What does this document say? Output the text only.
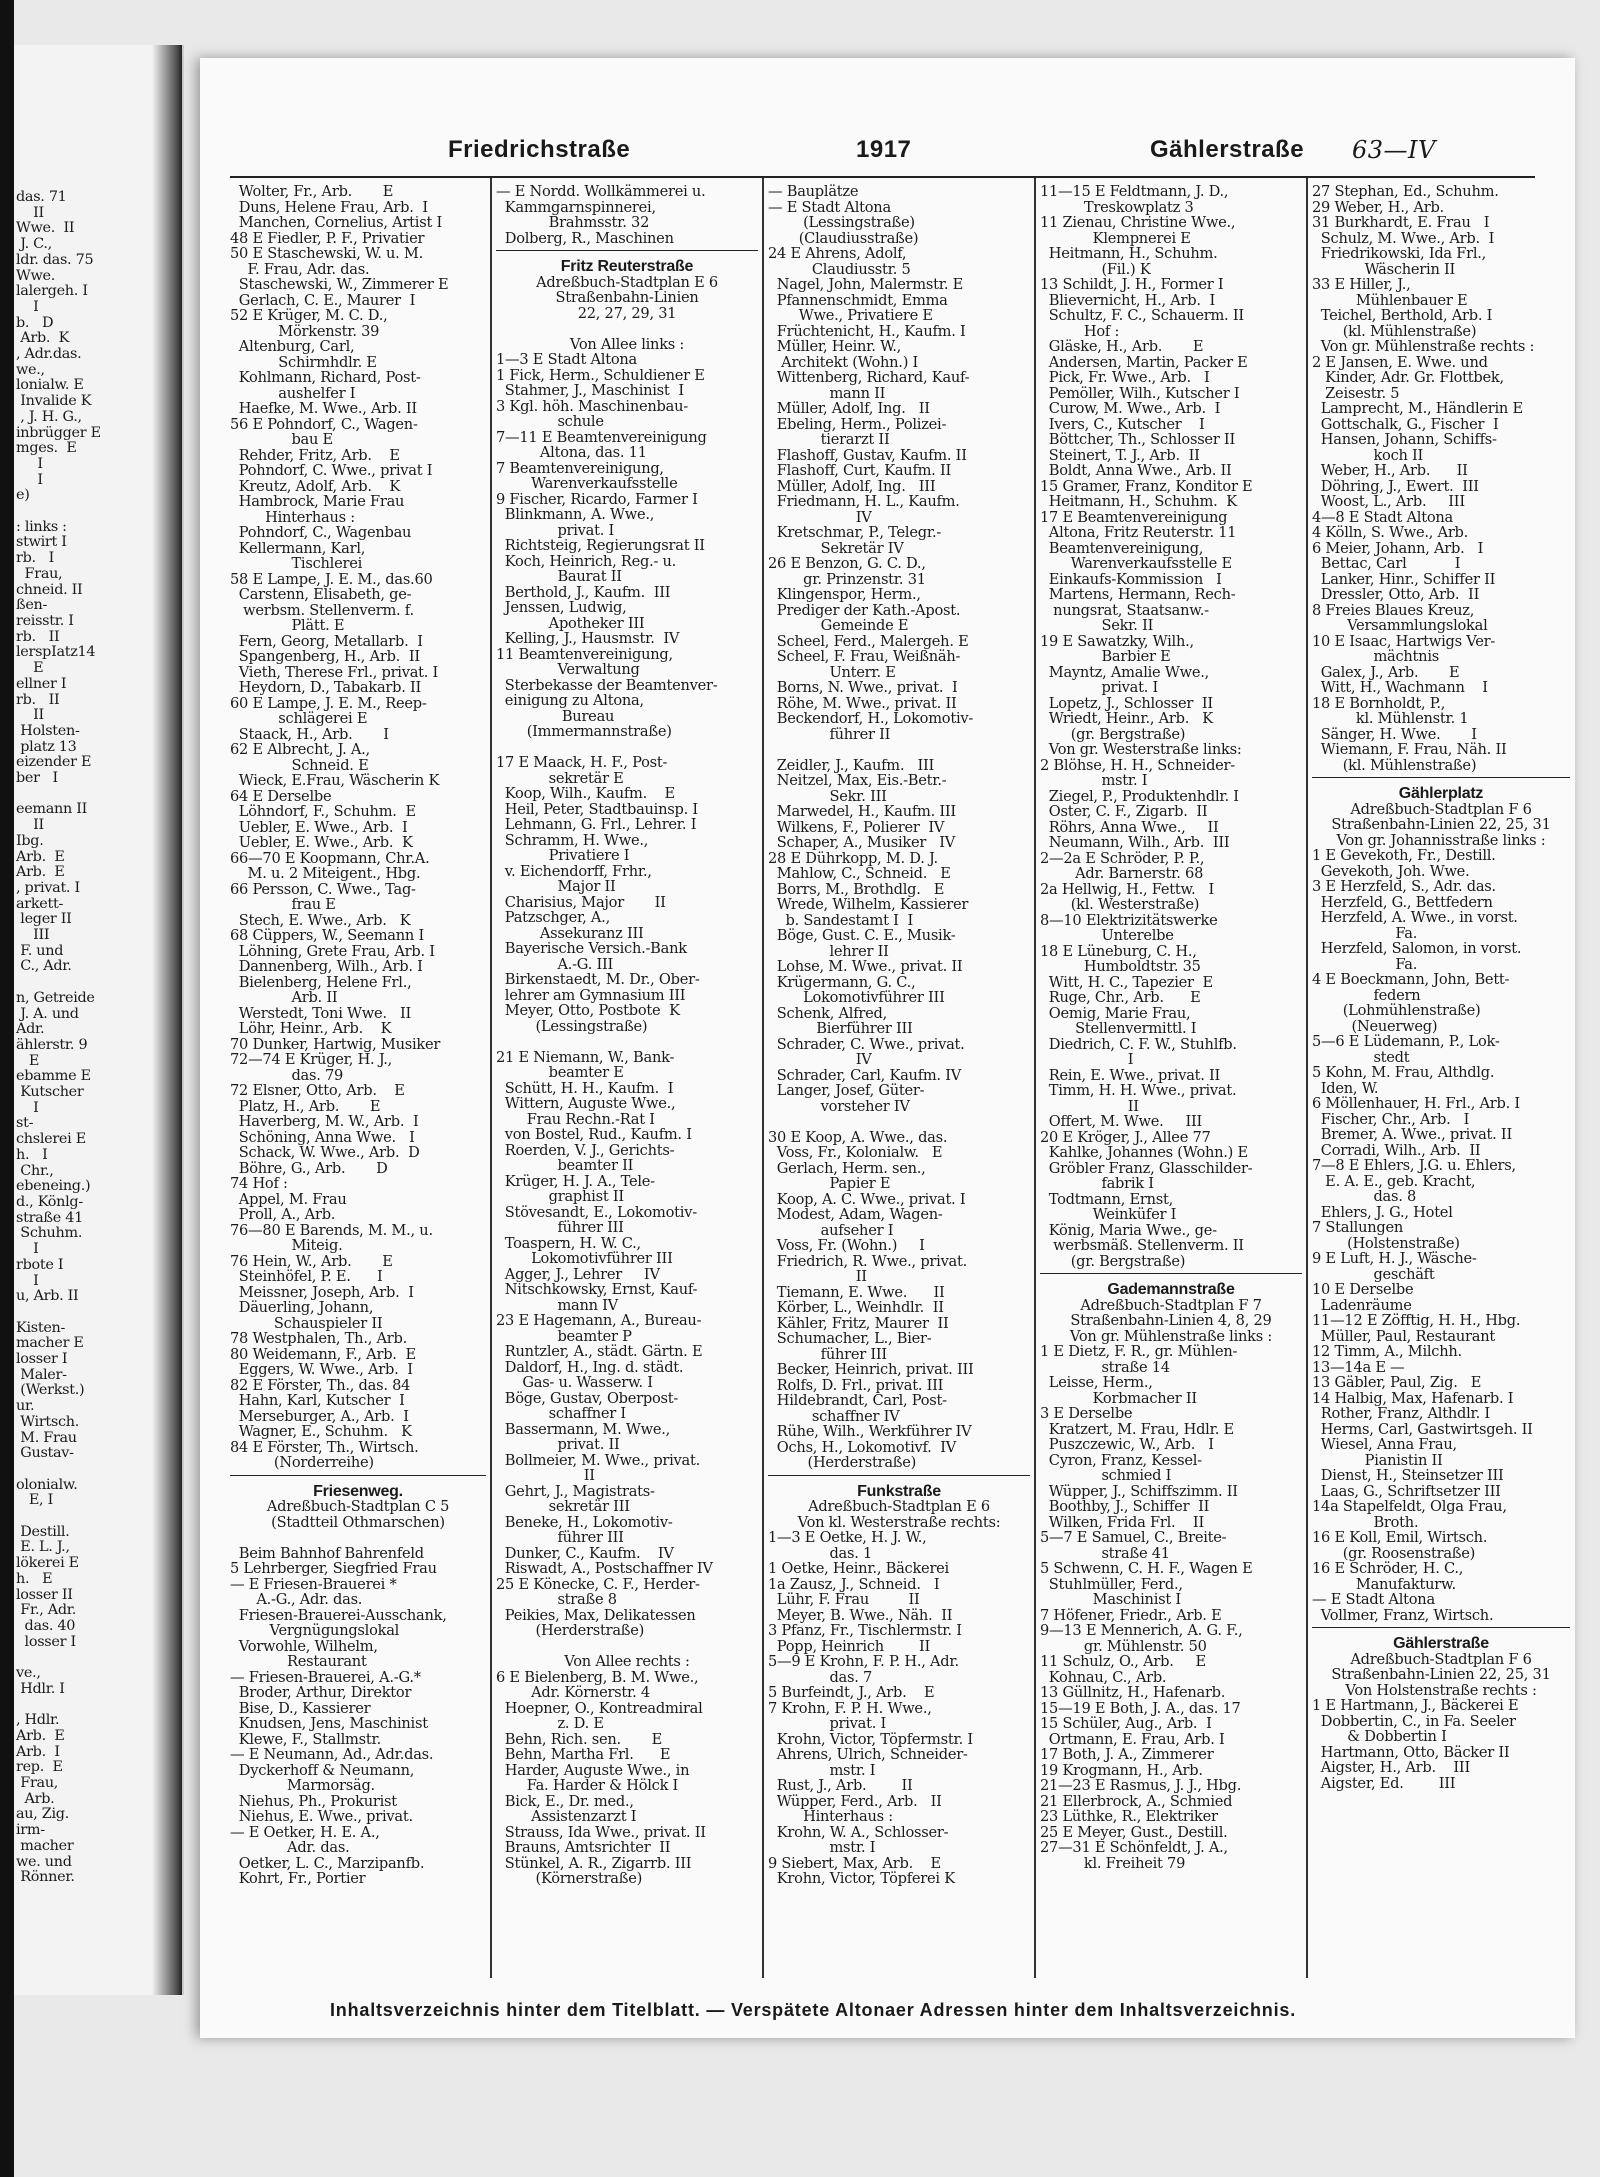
das. 71
II
Wwe.  II
J. C.,
ldr. das. 75
Wwe.
lalergeh. I
I
b.   D
Arb.  K
, Adr.das.
we.,
lonialw. E
Invalide K
, J. H. G.,
inbrügger E
mges.  E
I
I
e)

: links :
stwirt I
rb.   I
Frau,
chneid. II
ßen-
reisstr. I
rb.   II
lerspIatz14
E
ellner I
rb.   II
II
Holsten-
platz 13
eizender E
ber   I

eemann II
II
Ibg.
Arb.  E
Arb.  E
, privat. I
arkett-
leger II
III
F. und
C., Adr.

n, Getreide
J. A. und
Adr.
ählerstr. 9
E
ebamme E
Kutscher
I
st-
chslerei E
h.   I
Chr.,
ebeneing.)
d., Könlg-
straße 41
Schuhm.
I
rbote I
I
u, Arb. II

Kisten-
macher E
losser I
Maler-
(Werkst.)
ur.
Wirtsch.
M. Frau
Gustav-

olonialw.
E, I

Destill.
E. L. J.,
lökerei E
h.   E
losser II
Fr., Adr.
das. 40
losser I

ve.,
Hdlr. I

, Hdlr.
Arb.  E
Arb.  I
rep.  E
Frau,
Arb.
au, Zig.
irm-
macher
we. und
Rönner.
Friedrichstraße	1917	Gählerstraße 63—IV
Wolter, Fr., Arb.       E
Duns, Helene Frau, Arb.  I
Manchen, Cornelius, Artist I
48 E Fiedler, P. F., Privatier
50 E Staschewski, W. u. M.
F. Frau, Adr. das.
Staschewski, W., Zimmerer E
Gerlach, C. E., Maurer  I
52 E Krüger, M. C. D.,
Mörkenstr. 39
Altenburg, Carl,
Schirmhdlr. E
Kohlmann, Richard, Post-
aushelfer I
Haefke, M. Wwe., Arb. II
56 E Pohndorf, C., Wagen-
bau E
Rehder, Fritz, Arb.    E
Pohndorf, C. Wwe., privat I
Kreutz, Adolf, Arb.    K
Hambrock, Marie Frau
Hinterhaus :
Pohndorf, C., Wagenbau
Kellermann, Karl,
Tischlerei
58 E Lampe, J. E. M., das.60
Carstenn, Elisabeth, ge-
werbsm. Stellenverm. f.
Plätt. E
Fern, Georg, Metallarb.  I
Spangenberg, H., Arb.  II
Vieth, Therese Frl., privat. I
Heydorn, D., Tabakarb. II
60 E Lampe, J. E. M., Reep-
schlägerei E
Staack, H., Arb.       I
62 E Albrecht, J. A.,
Schneid. E
Wieck, E.Frau, Wäscherin K
64 E Derselbe
Löhndorf, F., Schuhm.  E
Uebler, E. Wwe., Arb.  I
Uebler, E. Wwe., Arb.  K
66—70 E Koopmann, Chr.A.
M. u. 2 Miteigent., Hbg.
66 Persson, C. Wwe., Tag-
frau E
Stech, E. Wwe., Arb.   K
68 Cüppers, W., Seemann I
Löhning, Grete Frau, Arb. I
Dannenberg, Wilh., Arb. I
Bielenberg, Helene Frl.,
Arb. II
Werstedt, Toni Wwe.   II
Löhr, Heinr., Arb.    K
70 Dunker, Hartwig, Musiker
72—74 E Krüger, H. J.,
das. 79
72 Elsner, Otto, Arb.    E
Platz, H., Arb.       E
Haverberg, M. W., Arb.  I
Schöning, Anna Wwe.   I
Schack, W. Wwe., Arb.  D
Böhre, G., Arb.       D
74 Hof :
Appel, M. Frau
Proll, A., Arb.
76—80 E Barends, M. M., u.
Miteig.
76 Hein, W., Arb.       E
Steinhöfel, P. E.      I
Meissner, Joseph, Arb.  I
Däuerling, Johann,
Schauspieler II
78 Westphalen, Th., Arb.
80 Weidemann, F., Arb.  E
Eggers, W. Wwe., Arb.  I
82 E Förster, Th., das. 84
Hahn, Karl, Kutscher  I
Merseburger, A., Arb.  I
Wagner, E., Schuhm.   K
84 E Förster, Th., Wirtsch.
(Norderreihe)
Friesenweg.
Adreßbuch-Stadtplan C 5
(Stadtteil Othmarschen)
Beim Bahnhof Bahrenfeld
5 Lehrberger, Siegfried Frau
— E Friesen-Brauerei *
A.-G., Adr. das.
Friesen-Brauerei-Ausschank,
Vergnügungslokal
Vorwohle, Wilhelm,
Restaurant
— Friesen-Brauerei, A.-G.*
Broder, Arthur, Direktor
Bise, D., Kassierer
Knudsen, Jens, Maschinist
Klewe, F., Stallmstr.
— E Neumann, Ad., Adr.das.
Dyckerhoff & Neumann,
Marmorsäg.
Niehus, Ph., Prokurist
Niehus, E. Wwe., privat.
— E Oetker, H. E. A.,
Adr. das.
Oetker, L. C., Marzipanfb.
Kohrt, Fr., Portier
— E Nordd. Wollkämmerei u.
Kammgarnspinnerei,
Brahmsstr. 32
Dolberg, R., Maschinen
Fritz Reuterstraße
Adreßbuch-Stadtplan E 6
Straßenbahn-Linien
22, 27, 29, 31
Von Allee links :
1—3 E Stadt Altona
1 Fick, Herm., Schuldiener E
Stahmer, J., Maschinist  I
3 Kgl. höh. Maschinenbau-
schule
7—11 E Beamtenvereinigung
Altona, das. 11
7 Beamtenvereinigung,
Warenverkaufsstelle
9 Fischer, Ricardo, Farmer I
Blinkmann, A. Wwe.,
privat. I
Richtsteig, Regierungsrat II
Koch, Heinrich, Reg.- u.
Baurat II
Berthold, J., Kaufm.  III
Jenssen, Ludwig,
Apotheker III
Kelling, J., Hausmstr.  IV
11 Beamtenvereinigung,
Verwaltung
Sterbekasse der Beamtenver-
einigung zu Altona,
Bureau
(Immermannstraße)
17 E Maack, H. F., Post-
sekretär E
Koop, Wilh., Kaufm.    E
Heil, Peter, Stadtbauinsp. I
Lehmann, G. Frl., Lehrer. I
Schramm, H. Wwe.,
Privatiere I
v. Eichendorff, Frhr.,
Major II
Charisius, Major       II
Patzschger, A.,
Assekuranz III
Bayerische Versich.-Bank
A.-G. III
Birkenstaedt, M. Dr., Ober-
lehrer am Gymnasium III
Meyer, Otto, Postbote  K
(Lessingstraße)
21 E Niemann, W., Bank-
beamter E
Schütt, H. H., Kaufm.  I
Wittern, Auguste Wwe.,
Frau Rechn.-Rat I
von Bostel, Rud., Kaufm. I
Roerden, V. J., Gerichts-
beamter II
Krüger, H. J. A., Tele-
graphist II
Stövesandt, E., Lokomotiv-
führer III
Toaspern, H. W. C.,
Lokomotivführer III
Agger, J., Lehrer     IV
Nitschkowsky, Ernst, Kauf-
mann IV
23 E Hagemann, A., Bureau-
beamter P
Runtzler, A., städt. Gärtn. E
Daldorf, H., Ing. d. städt.
Gas- u. Wasserw. I
Böge, Gustav, Oberpost-
schaffner I
Bassermann, M. Wwe.,
privat. II
Bollmeier, M. Wwe., privat.
II
Gehrt, J., Magistrats-
sekretär III
Beneke, H., Lokomotiv-
führer III
Dunker, C., Kaufm.    IV
Riswadt, A., Postschaffner IV
25 E Könecke, C. F., Herder-
straße 8
Peikies, Max, Delikatessen
(Herderstraße)
Von Allee rechts :
6 E Bielenberg, B. M. Wwe.,
Adr. Körnerstr. 4
Hoepner, O., Kontreadmiral
z. D. E
Behn, Rich. sen.       E
Behn, Martha Frl.      E
Harder, Auguste Wwe., in
Fa. Harder & Hölck I
Bick, E., Dr. med.,
Assistenzarzt I
Strauss, Ida Wwe., privat. II
Brauns, Amtsrichter  II
Stünkel, A. R., Zigarrb. III
(Körnerstraße)
— Bauplätze
— E Stadt Altona
(Lessingstraße)
(Claudiusstraße)
24 E Ahrens, Adolf,
Claudiusstr. 5
Nagel, John, Malermstr. E
Pfannenschmidt, Emma
Wwe., Privatiere E
Früchtenicht, H., Kaufm. I
Müller, Heinr. W.,
Architekt (Wohn.) I
Wittenberg, Richard, Kauf-
mann II
Müller, Adolf, Ing.   II
Ebeling, Herm., Polizei-
tierarzt II
Flashoff, Gustav, Kaufm. II
Flashoff, Curt, Kaufm. II
Müller, Adolf, Ing.   III
Friedmann, H. L., Kaufm.
IV
Kretschmar, P., Telegr.-
Sekretär IV
26 E Benzon, G. C. D.,
gr. Prinzenstr. 31
Klingenspor, Herm.,
Prediger der Kath.-Apost.
Gemeinde E
Scheel, Ferd., Malergeh. E
Scheel, F. Frau, Weißnäh-
Unterr. E
Borns, N. Wwe., privat.  I
Röhe, M. Wwe., privat. II
Beckendorf, H., Lokomotiv-
führer II
Zeidler, J., Kaufm.   III
Neitzel, Max, Eis.-Betr.-
Sekr. III
Marwedel, H., Kaufm. III
Wilkens, F., Polierer  IV
Schaper, A., Musiker   IV
28 E Dührkopp, M. D. J.
Mahlow, C., Schneid.   E
Borrs, M., Brothdlg.   E
Wrede, Wilhelm, Kassierer
b. Sandestamt I  I
Böge, Gust. C. E., Musik-
lehrer II
Lohse, M. Wwe., privat. II
Krügermann, G. C.,
Lokomotivführer III
Schenk, Alfred,
Bierführer III
Schrader, C. Wwe., privat.
IV
Schrader, Carl, Kaufm. IV
Langer, Josef, Güter-
vorsteher IV
30 E Koop, A. Wwe., das.
Voss, Fr., Kolonialw.   E
Gerlach, Herm. sen.,
Papier E
Koop, A. C. Wwe., privat. I
Modest, Adam, Wagen-
aufseher I
Voss, Fr. (Wohn.)     I
Friedrich, R. Wwe., privat.
II
Tiemann, E. Wwe.      II
Körber, L., Weinhdlr.  II
Kähler, Fritz, Maurer  II
Schumacher, L., Bier-
führer III
Becker, Heinrich, privat. III
Rolfs, D. Frl., privat. III
Hildebrandt, Carl, Post-
schaffner IV
Rühe, Wilh., Werkführer IV
Ochs, H., Lokomotivf.  IV
(Herderstraße)
Funkstraße
Adreßbuch-Stadtplan E 6
Von kl. Westerstraße rechts:
1—3 E Oetke, H. J. W.,
das. 1
1 Oetke, Heinr., Bäckerei
1a Zausz, J., Schneid.   I
Lühr, F. Frau         II
Meyer, B. Wwe., Näh.  II
3 Pfanz, Fr., Tischlermstr. I
Popp, Heinrich        II
5—9 E Krohn, F. P. H., Adr.
das. 7
5 Burfeindt, J., Arb.    E
7 Krohn, F. P. H. Wwe.,
privat. I
Krohn, Victor, Töpfermstr. I
Ahrens, Ulrich, Schneider-
mstr. I
Rust, J., Arb.        II
Wüpper, Ferd., Arb.   II
Hinterhaus :
Krohn, W. A., Schlosser-
mstr. I
9 Siebert, Max, Arb.    E
Krohn, Victor, Töpferei K
11—15 E Feldtmann, J. D.,
Treskowplatz 3
11 Zienau, Christine Wwe.,
Klempnerei E
Heitmann, H., Schuhm.
(Fil.) K
13 Schildt, J. H., Former I
Blievernicht, H., Arb.  I
Schultz, F. C., Schauerm. II
Hof :
Gläske, H., Arb.       E
Andersen, Martin, Packer E
Pick, Fr. Wwe., Arb.   I
Pemöller, Wilh., Kutscher I
Curow, M. Wwe., Arb.  I
Ivers, C., Kutscher    I
Böttcher, Th., Schlosser II
Steinert, T. J., Arb.  II
Boldt, Anna Wwe., Arb. II
15 Gramer, Franz, Konditor E
Heitmann, H., Schuhm.  K
17 E Beamtenvereinigung
Altona, Fritz Reuterstr. 11
Beamtenvereinigung,
Warenverkaufsstelle E
Einkaufs-Kommission   I
Martens, Hermann, Rech-
nungsrat, Staatsanw.-
Sekr. II
19 E Sawatzky, Wilh.,
Barbier E
Mayntz, Amalie Wwe.,
privat. I
Lopetz, J., Schlosser  II
Wriedt, Heinr., Arb.   K
(gr. Bergstraße)
Von gr. Westerstraße links:
2 Blöhse, H. H., Schneider-
mstr. I
Ziegel, P., Produktenhdlr. I
Oster, C. F., Zigarb.  II
Röhrs, Anna Wwe.,     II
Neumann, Wilh., Arb.  III
2—2a E Schröder, P. P.,
Adr. Barnerstr. 68
2a Hellwig, H., Fettw.   I
(kl. Westerstraße)
8—10 Elektrizitätswerke
Unterelbe
18 E Lüneburg, C. H.,
Humboldtstr. 35
Witt, H. C., Tapezier  E
Ruge, Chr., Arb.      E
Oemig, Marie Frau,
Stellenvermittl. I
Diedrich, C. F. W., Stuhlfb.
I
Rein, E. Wwe., privat. II
Timm, H. H. Wwe., privat.
II
Offert, M. Wwe.     III
20 E Kröger, J., Allee 77
Kahlke, Johannes (Wohn.) E
Gröbler Franz, Glasschilder-
fabrik I
Todtmann, Ernst,
Weinküfer I
König, Maria Wwe., ge-
werbsmäß. Stellenverm. II
(gr. Bergstraße)
Gademannstraße
Adreßbuch-Stadtplan F 7
Straßenbahn-Linien 4, 8, 29
Von gr. Mühlenstraße links :
1 E Dietz, F. R., gr. Mühlen-
straße 14
Leisse, Herm.,
Korbmacher II
3 E Derselbe
Kratzert, M. Frau, Hdlr. E
Puszczewic, W., Arb.   I
Cyron, Franz, Kessel-
schmied I
Wüpper, J., Schiffszimm. II
Boothby, J., Schiffer  II
Wilken, Frida Frl.    II
5—7 E Samuel, C., Breite-
straße 41
5 Schwenn, C. H. F., Wagen E
Stuhlmüller, Ferd.,
Maschinist I
7 Höfener, Friedr., Arb. E
9—13 E Mennerich, A. G. F.,
gr. Mühlenstr. 50
11 Schulz, O., Arb.     E
Kohnau, C., Arb.
13 Güllnitz, H., Hafenarb.
15—19 E Both, J. A., das. 17
15 Schüler, Aug., Arb.  I
Ortmann, E. Frau, Arb. I
17 Both, J. A., Zimmerer
19 Krogmann, H., Arb.
21—23 E Rasmus, J. J., Hbg.
21 Ellerbrock, A., Schmied
23 Lüthke, R., Elektriker
25 E Meyer, Gust., Destill.
27—31 E Schönfeldt, J. A.,
kl. Freiheit 79
27 Stephan, Ed., Schuhm.
29 Weber, H., Arb.
31 Burkhardt, E. Frau   I
Schulz, M. Wwe., Arb.  I
Friedrikowski, Ida Frl.,
Wäscherin II
33 E Hiller, J.,
Mühlenbauer E
Teichel, Berthold, Arb. I
(kl. Mühlenstraße)
Von gr. Mühlenstraße rechts :
2 E Jansen, E. Wwe. und
Kinder, Adr. Gr. Flottbek,
Zeisestr. 5
Lamprecht, M., Händlerin E
Gottschalk, G., Fischer  I
Hansen, Johann, Schiffs-
koch II
Weber, H., Arb.      II
Döhring, J., Ewert.  III
Woost, L., Arb.     III
4—8 E Stadt Altona
4 Kölln, S. Wwe., Arb.
6 Meier, Johann, Arb.   I
Bettac, Carl           I
Lanker, Hinr., Schiffer II
Dressler, Otto, Arb.  II
8 Freies Blaues Kreuz,
Versammlungslokal
10 E Isaac, Hartwigs Ver-
mächtnis
Galex, J., Arb.       E
Witt, H., Wachmann    I
18 E Bornholdt, P.,
kl. Mühlenstr. 1
Sänger, H. Wwe.       I
Wiemann, F. Frau, Näh. II
(kl. Mühlenstraße)
Gählerplatz
Adreßbuch-Stadtplan F 6
Straßenbahn-Linien 22, 25, 31
Von gr. Johannisstraße links :
1 E Gevekoth, Fr., Destill.
Gevekoth, Joh. Wwe.
3 E Herzfeld, S., Adr. das.
Herzfeld, G., Bettfedern
Herzfeld, A. Wwe., in vorst.
Fa.
Herzfeld, Salomon, in vorst.
Fa.
4 E Boeckmann, John, Bett-
federn
(Lohmühlenstraße)
(Neuerweg)
5—6 E Lüdemann, P., Lok-
stedt
5 Kohn, M. Frau, Althdlg.
Iden, W.
6 Möllenhauer, H. Frl., Arb. I
Fischer, Chr., Arb.   I
Bremer, A. Wwe., privat. II
Corradi, Wilh., Arb.  II
7—8 E Ehlers, J.G. u. Ehlers,
E. A. E., geb. Kracht,
das. 8
Ehlers, J. G., Hotel
7 Stallungen
(Holstenstraße)
9 E Luft, H. J., Wäsche-
geschäft
10 E Derselbe
Ladenräume
11—12 E Zöfftig, H. H., Hbg.
Müller, Paul, Restaurant
12 Timm, A., Milchh.
13—14a E —
13 Gäbler, Paul, Zig.   E
14 Halbig, Max, Hafenarb. I
Rother, Franz, Althdlr. I
Herms, Carl, Gastwirtsgeh. II
Wiesel, Anna Frau,
Pianistin II
Dienst, H., Steinsetzer III
Laas, G., Schriftsetzer III
14a Stapelfeldt, Olga Frau,
Broth.
16 E Koll, Emil, Wirtsch.
(gr. Roosenstraße)
16 E Schröder, H. C.,
Manufakturw.
— E Stadt Altona
Vollmer, Franz, Wirtsch.
Gählerstraße
Adreßbuch-Stadtplan F 6
Straßenbahn-Linien 22, 25, 31
Von Holstenstraße rechts :
1 E Hartmann, J., Bäckerei E
Dobbertin, C., in Fa. Seeler
& Dobbertin I
Hartmann, Otto, Bäcker II
Aigster, H., Arb.    III
Aigster, Ed.        III
Inhaltsverzeichnis hinter dem Titelblatt. — Verspätete Altonaer Adressen hinter dem Inhaltsverzeichnis.
